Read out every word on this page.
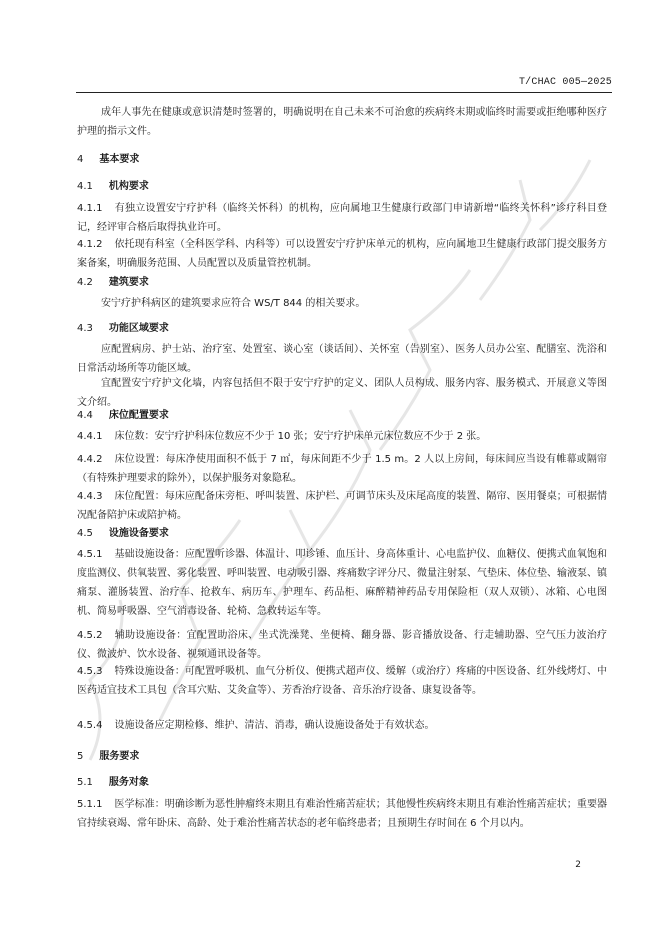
T/CHAC 005—2025
成年人事先在健康或意识清楚时签署的，明确说明在自己未来不可治愈的疾病终末期或临终时需要或拒绝哪种医疗护理的指示文件。
4 基本要求
4.1 机构要求
4.1.1 有独立设置安宁疗护科（临终关怀科）的机构，应向属地卫生健康行政部门申请新增“临终关怀科”诊疗科目登记，经评审合格后取得执业许可。
4.1.2 依托现有科室（全科医学科、内科等）可以设置安宁疗护床单元的机构，应向属地卫生健康行政部门提交服务方案备案，明确服务范围、人员配置以及质量管控机制。
4.2 建筑要求
安宁疗护科病区的建筑要求应符合 WS/T 844 的相关要求。
4.3 功能区域要求
应配置病房、护士站、治疗室、处置室、谈心室（谈话间）、关怀室（告别室）、医务人员办公室、配膳室、洗浴和日常活动场所等功能区域。
宜配置安宁疗护文化墙，内容包括但不限于安宁疗护的定义、团队人员构成、服务内容、服务模式、开展意义等图文介绍。
4.4 床位配置要求
4.4.1 床位数：安宁疗护科床位数应不少于 10 张；安宁疗护床单元床位数应不少于 2 张。
4.4.2 床位设置：每床净使用面积不低于 7 ㎡，每床间距不少于 1.5 m。2 人以上房间，每床间应当设有帷幕或隔帘（有特殊护理要求的除外），以保护服务对象隐私。
4.4.3 床位配置：每床应配备床旁柜、呼叫装置、床护栏、可调节床头及床尾高度的装置、隔帘、医用餐桌；可根据情况配备陪护床或陪护椅。
4.5 设施设备要求
4.5.1 基础设施设备：应配置听诊器、体温计、叩诊锤、血压计、身高体重计、心电监护仪、血糖仪、便携式血氧饱和度监测仪、供氧装置、雾化装置、呼叫装置、电动吸引器、疼痛数字评分尺、微量注射泵、气垫床、体位垫、输液泵、镇痛泵、灌肠装置、治疗车、抢救车、病历车、护理车、药品柜、麻醉精神药品专用保险柜（双人双锁）、冰箱、心电图机、简易呼吸器、空气消毒设备、轮椅、急救转运车等。
4.5.2 辅助设施设备：宜配置助浴床、坐式洗澡凳、坐便椅、翻身器、影音播放设备、行走辅助器、空气压力波治疗仪、微波炉、饮水设备、视频通讯设备等。
4.5.3 特殊设施设备：可配置呼吸机、血气分析仪、便携式超声仪、缓解（或治疗）疼痛的中医设备、红外线烤灯、中医药适宜技术工具包（含耳穴贴、艾灸盒等）、芳香治疗设备、音乐治疗设备、康复设备等。
4.5.4 设施设备应定期检修、维护、清洁、消毒，确认设施设备处于有效状态。
5 服务要求
5.1 服务对象
5.1.1 医学标准：明确诊断为恶性肿瘤终末期且有难治性痛苦症状；其他慢性疾病终末期且有难治性痛苦症状；重要器官持续衰竭、常年卧床、高龄、处于难治性痛苦状态的老年临终患者；且预期生存时间在 6 个月以内。
2
